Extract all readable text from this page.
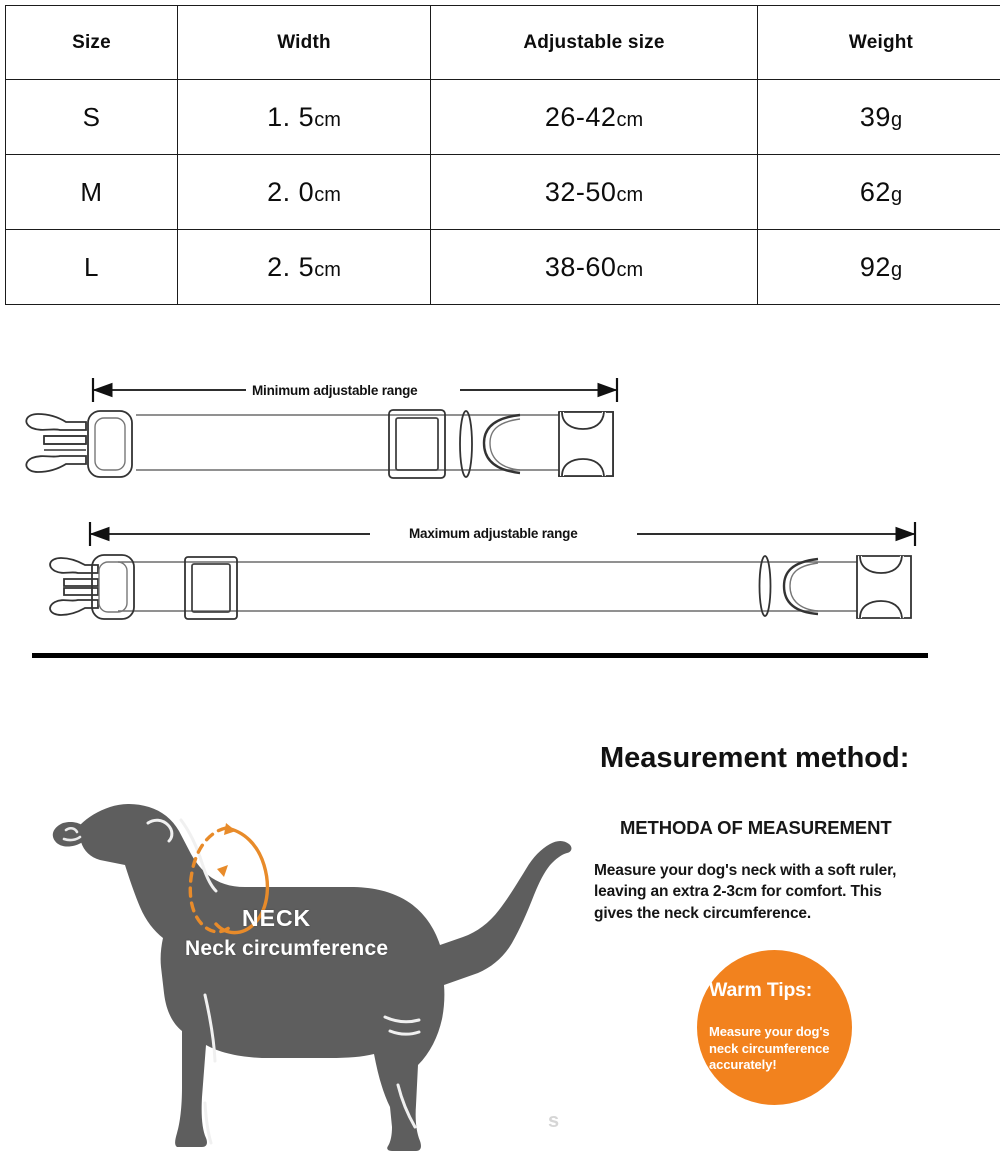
Size	Width	Adjustable size	Weight
S	1. 5cm	26-42cm	39g
M	2. 0cm	32-50cm	62g
L	2. 5cm	38-60cm	92g
Minimum adjustable range
Maximum adjustable range
NECK
Neck circumference
s
Measurement method:
METHODA OF MEASUREMENT
Measure your dog's neck with a soft ruler, leaving an extra 2-3cm for comfort. This gives the neck circumference.
Warm Tips:
Measure your dog's neck circumference accurately!
shop
